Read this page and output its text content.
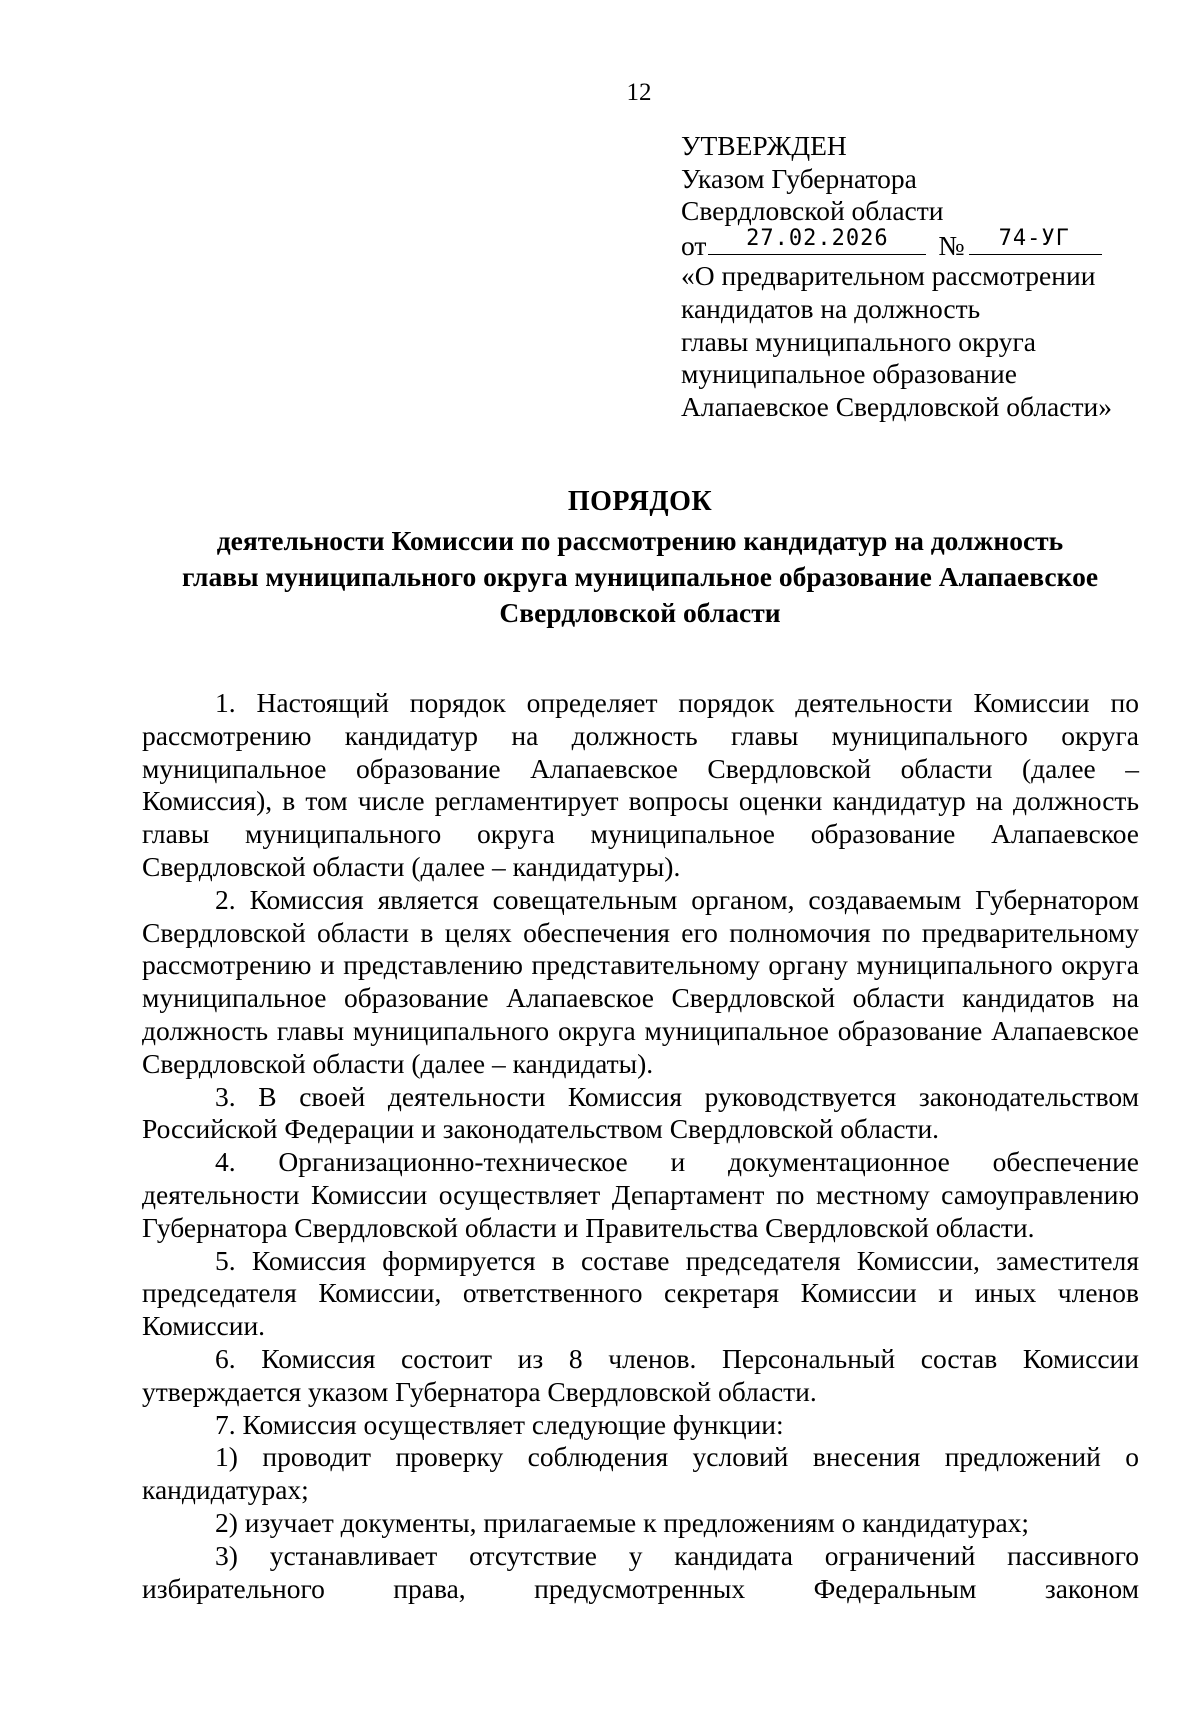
12
УТВЕРЖДЕН
Указом Губернатора
Свердловской области
от	27.02.2026	№ 74-УГ
«О предварительном рассмотрении
кандидатов на должность
главы муниципального округа
муниципальное образование
Алапаевское Свердловской области»
ПОРЯДОК
деятельности Комиссии по рассмотрению кандидатур на должность
главы муниципального округа муниципальное образование Алапаевское
Свердловской области

1. Настоящий порядок определяет порядок деятельности Комиссии по рассмотрению кандидатур на должность главы муниципального округа муниципальное образование Алапаевское Свердловской области (далее – Комиссия), в том числе регламентирует вопросы оценки кандидатур на должность главы муниципального округа муниципальное образование Алапаевское Свердловской области (далее – кандидатуры).

2. Комиссия является совещательным органом, создаваемым Губернатором Свердловской области в целях обеспечения его полномочия по предварительному рассмотрению и представлению представительному органу муниципального округа муниципальное образование Алапаевское Свердловской области кандидатов на должность главы муниципального округа муниципальное образование Алапаевское Свердловской области (далее – кандидаты).

3. В своей деятельности Комиссия руководствуется законодательством Российской Федерации и законодательством Свердловской области.

4. Организационно-техническое и документационное обеспечение деятельности Комиссии осуществляет Департамент по местному самоуправлению Губернатора Свердловской области и Правительства Свердловской области.

5. Комиссия формируется в составе председателя Комиссии, заместителя председателя Комиссии, ответственного секретаря Комиссии и иных членов Комиссии.

6. Комиссия состоит из 8 членов. Персональный состав Комиссии утверждается указом Губернатора Свердловской области.

7. Комиссия осуществляет следующие функции:

1) проводит проверку соблюдения условий внесения предложений о кандидатурах;

2) изучает документы, прилагаемые к предложениям о кандидатурах;

3) устанавливает отсутствие у кандидата ограничений пассивного избирательного права, предусмотренных Федеральным законом
